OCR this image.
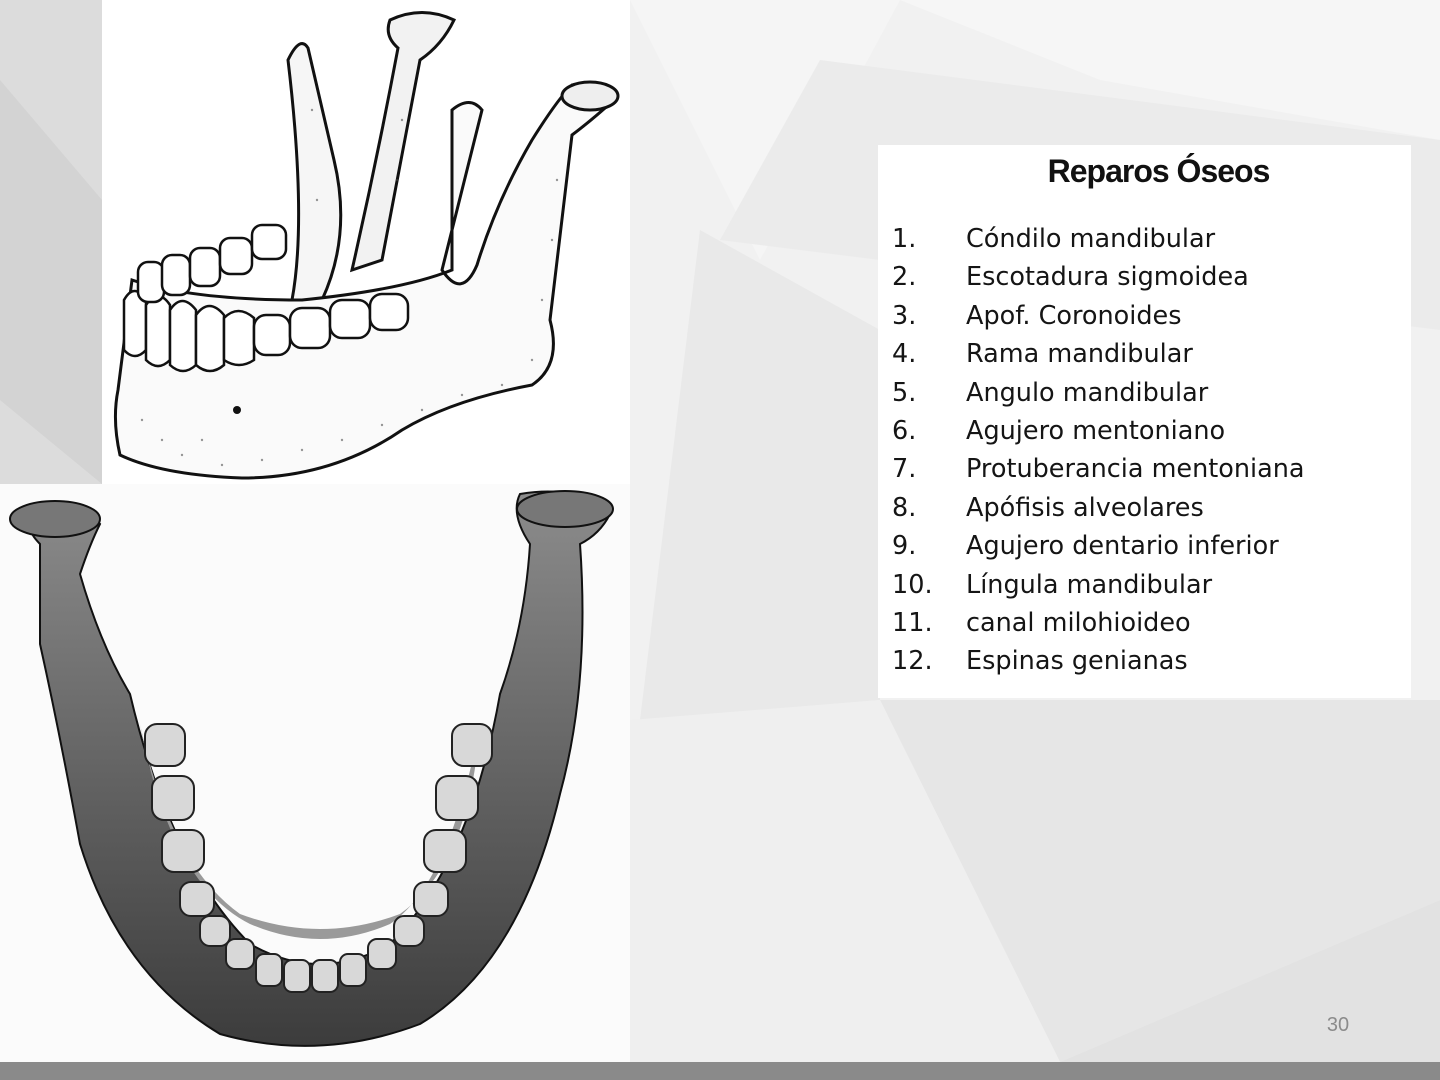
Reparos Óseos
1.	Cóndilo mandibular
2.	Escotadura sigmoidea
3.	Apof. Coronoides
4.	Rama mandibular
5.	Angulo mandibular
6.	Agujero mentoniano
7.	Protuberancia mentoniana
8.	Apófisis alveolares
9.	Agujero dentario inferior
10.	Língula mandibular
11.	canal milohioideo
12.	Espinas genianas
30
